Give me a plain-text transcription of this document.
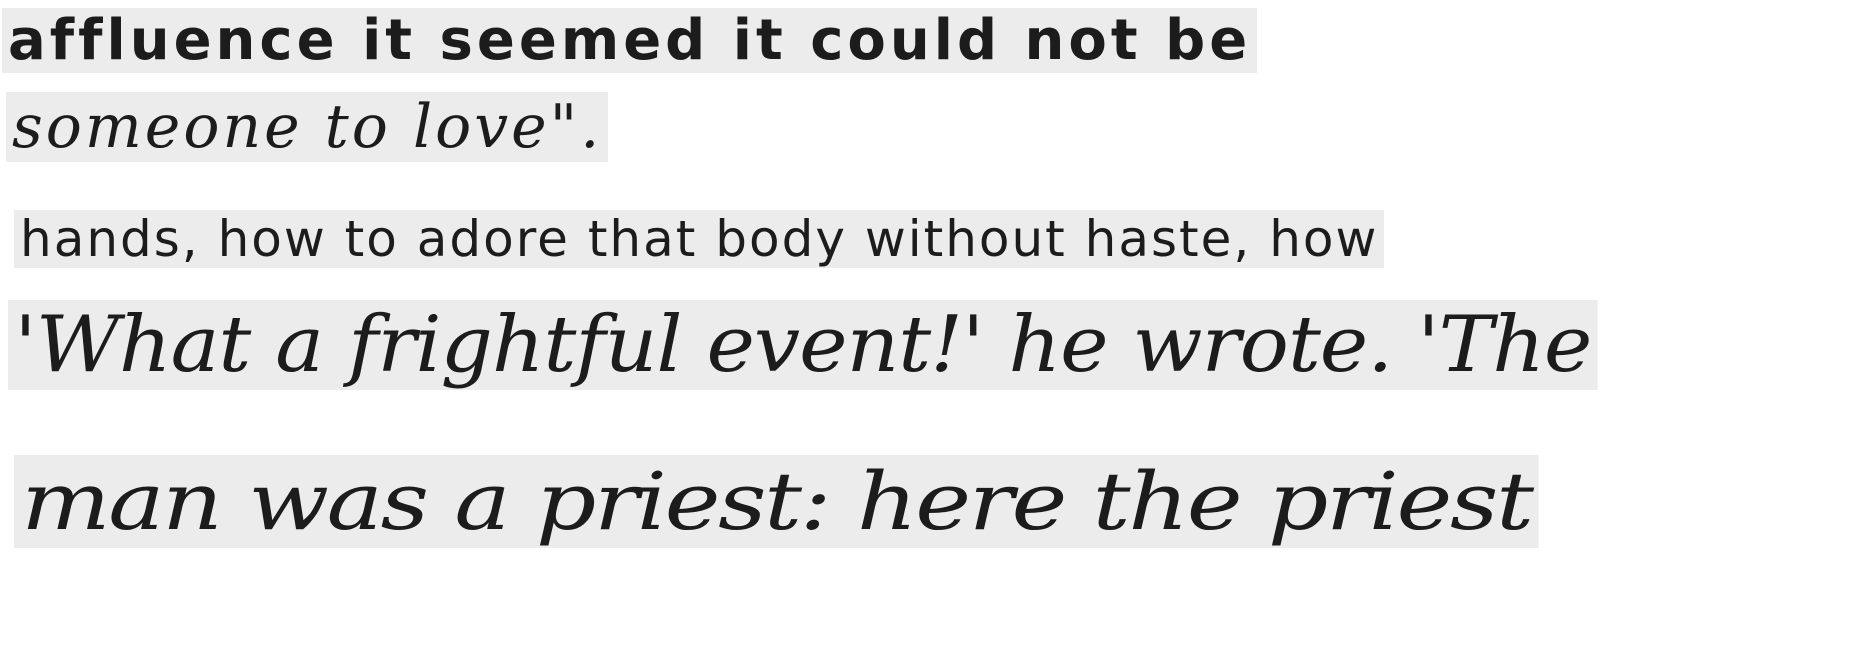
affluence it seemed it could not be
someone to love".
hands, how to adore that body without haste, how
'What a frightful event!' he wrote. 'The
man was a priest: here the priest
